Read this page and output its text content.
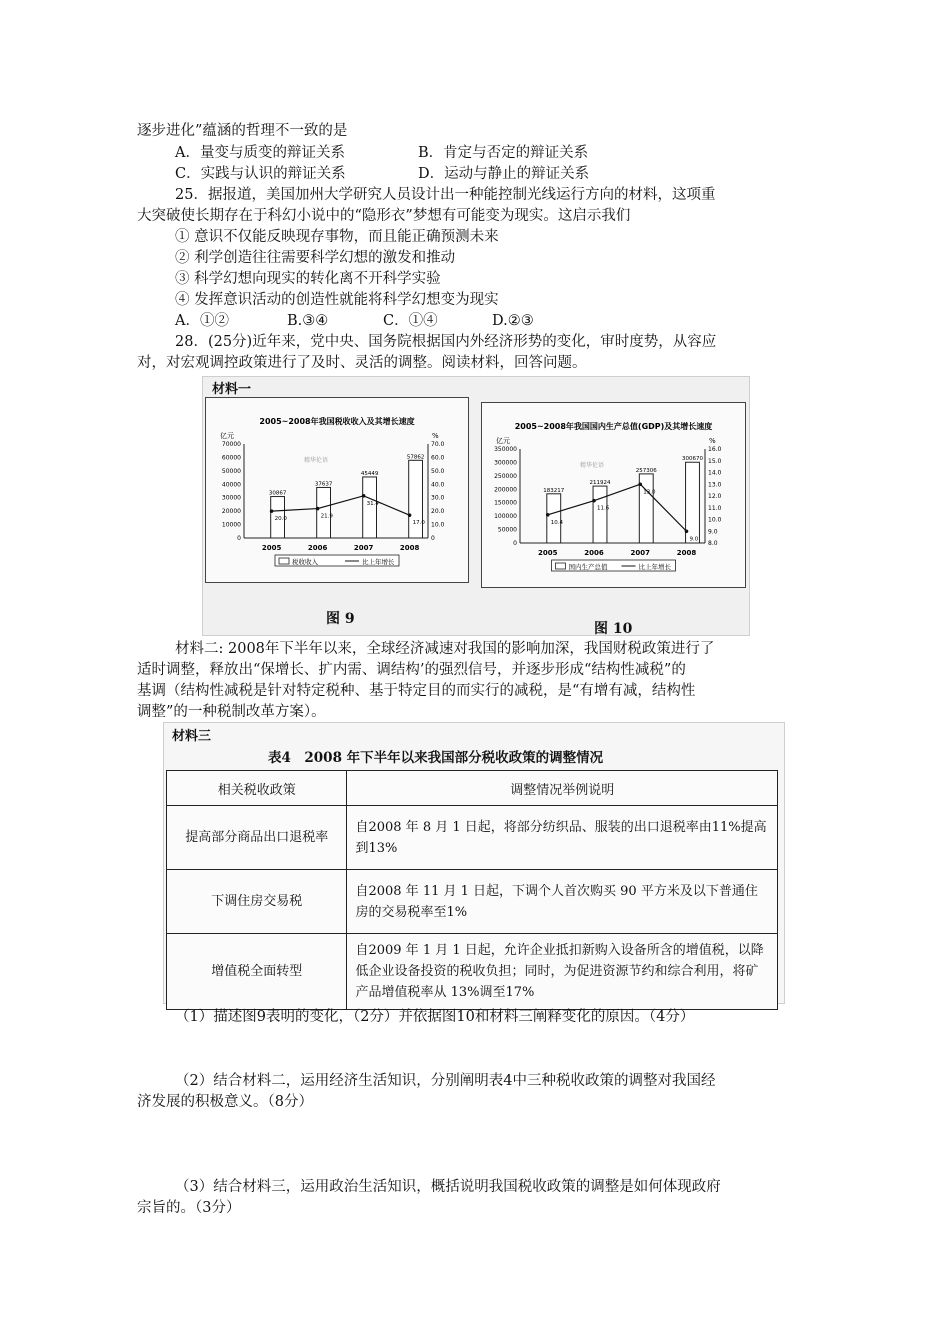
逐步进化”蕴涵的哲理不一致的是
A．量变与质变的辩证关系	B．肯定与否定的辩证关系
C．实践与认识的辩证关系	D．运动与静止的辩证关系
25．据报道，美国加州大学研究人员设计出一种能控制光线运行方向的材料，这项重
大突破使长期存在于科幻小说中的“隐形衣”梦想有可能变为现实。这启示我们
① 意识不仅能反映现存事物，而且能正确预测未来
② 利学创造往往需要科学幻想的激发和推动
③ 科学幻想向现实的转化离不开科学实验
④ 发挥意识活动的创造性就能将科学幻想变为现实
A．①②	B.③④	C．①④	D.②③
28．(25分)近年来，党中央、国务院根据国内外经济形势的变化，审时度势，从容应
对，对宏观调控政策进行了及时、灵活的调整。阅读材料，回答问题。
材料一
2005~2008年我国税收收入及其增长速度
亿元	%
0
10000
20000
30000
40000
50000
60000
70000
0
10.0
20.0
30.0
40.0
50.0
60.0
70.0
精华伦语
30867
2005
37637
2006
45449
2007
57862
2008
20.0	21.9
31.4
17.0
税收收入	比上年增长
2005~2008年我国国内生产总值(GDP)及其增长速度
亿元	%
0
50000
100000
150000
200000
250000
300000
350000
8.0
9.0
10.0
11.0
12.0
13.0
14.0
15.0
16.0
精华伦语
183217
2005
211924
2006
257306
2007
300670
2008
10.4
11.6
13.0
9.0
国内生产总值	比上年增长
图 9
图 10
材料二: 2008年下半年以来，全球经济减速对我国的影响加深，我国财税政策进行了
适时调整，释放出“保增长、扩内需、调结构’的强烈信号，并逐步形成“结构性减税”的
基调（结构性减税是针对特定税种、基于特定目的而实行的减税，是“有增有减，结构性
调整”的一种税制改革方案）。
材料三
表4　2008 年下半年以来我国部分税收政策的调整情况
相关税收政策	调整情况举例说明
提高部分商品出口退税率	自2008 年 8 月 1 日起，将部分纺织品、服装的出口退税率由11%提高到13%
下调住房交易税	自2008 年 11 月 1 日起，下调个人首次购买 90 平方米及以下普通住房的交易税率至1%
增值税全面转型	自2009 年 1 月 1 日起，允许企业抵扣新购入设备所含的增值税，以降低企业设备投资的税收负担；同时，为促进资源节约和综合利用，将矿产品增值税率从 13%调至17%
（1）描述图9表明的变化，（2分）并依据图10和材料三阐释变化的原因。（4分）
（2）结合材料二，运用经济生活知识，分别阐明表4中三种税收政策的调整对我国经
济发展的积极意义。（8分）
（3）结合材料三，运用政治生活知识，概括说明我国税收政策的调整是如何体现政府
宗旨的。（3分）
